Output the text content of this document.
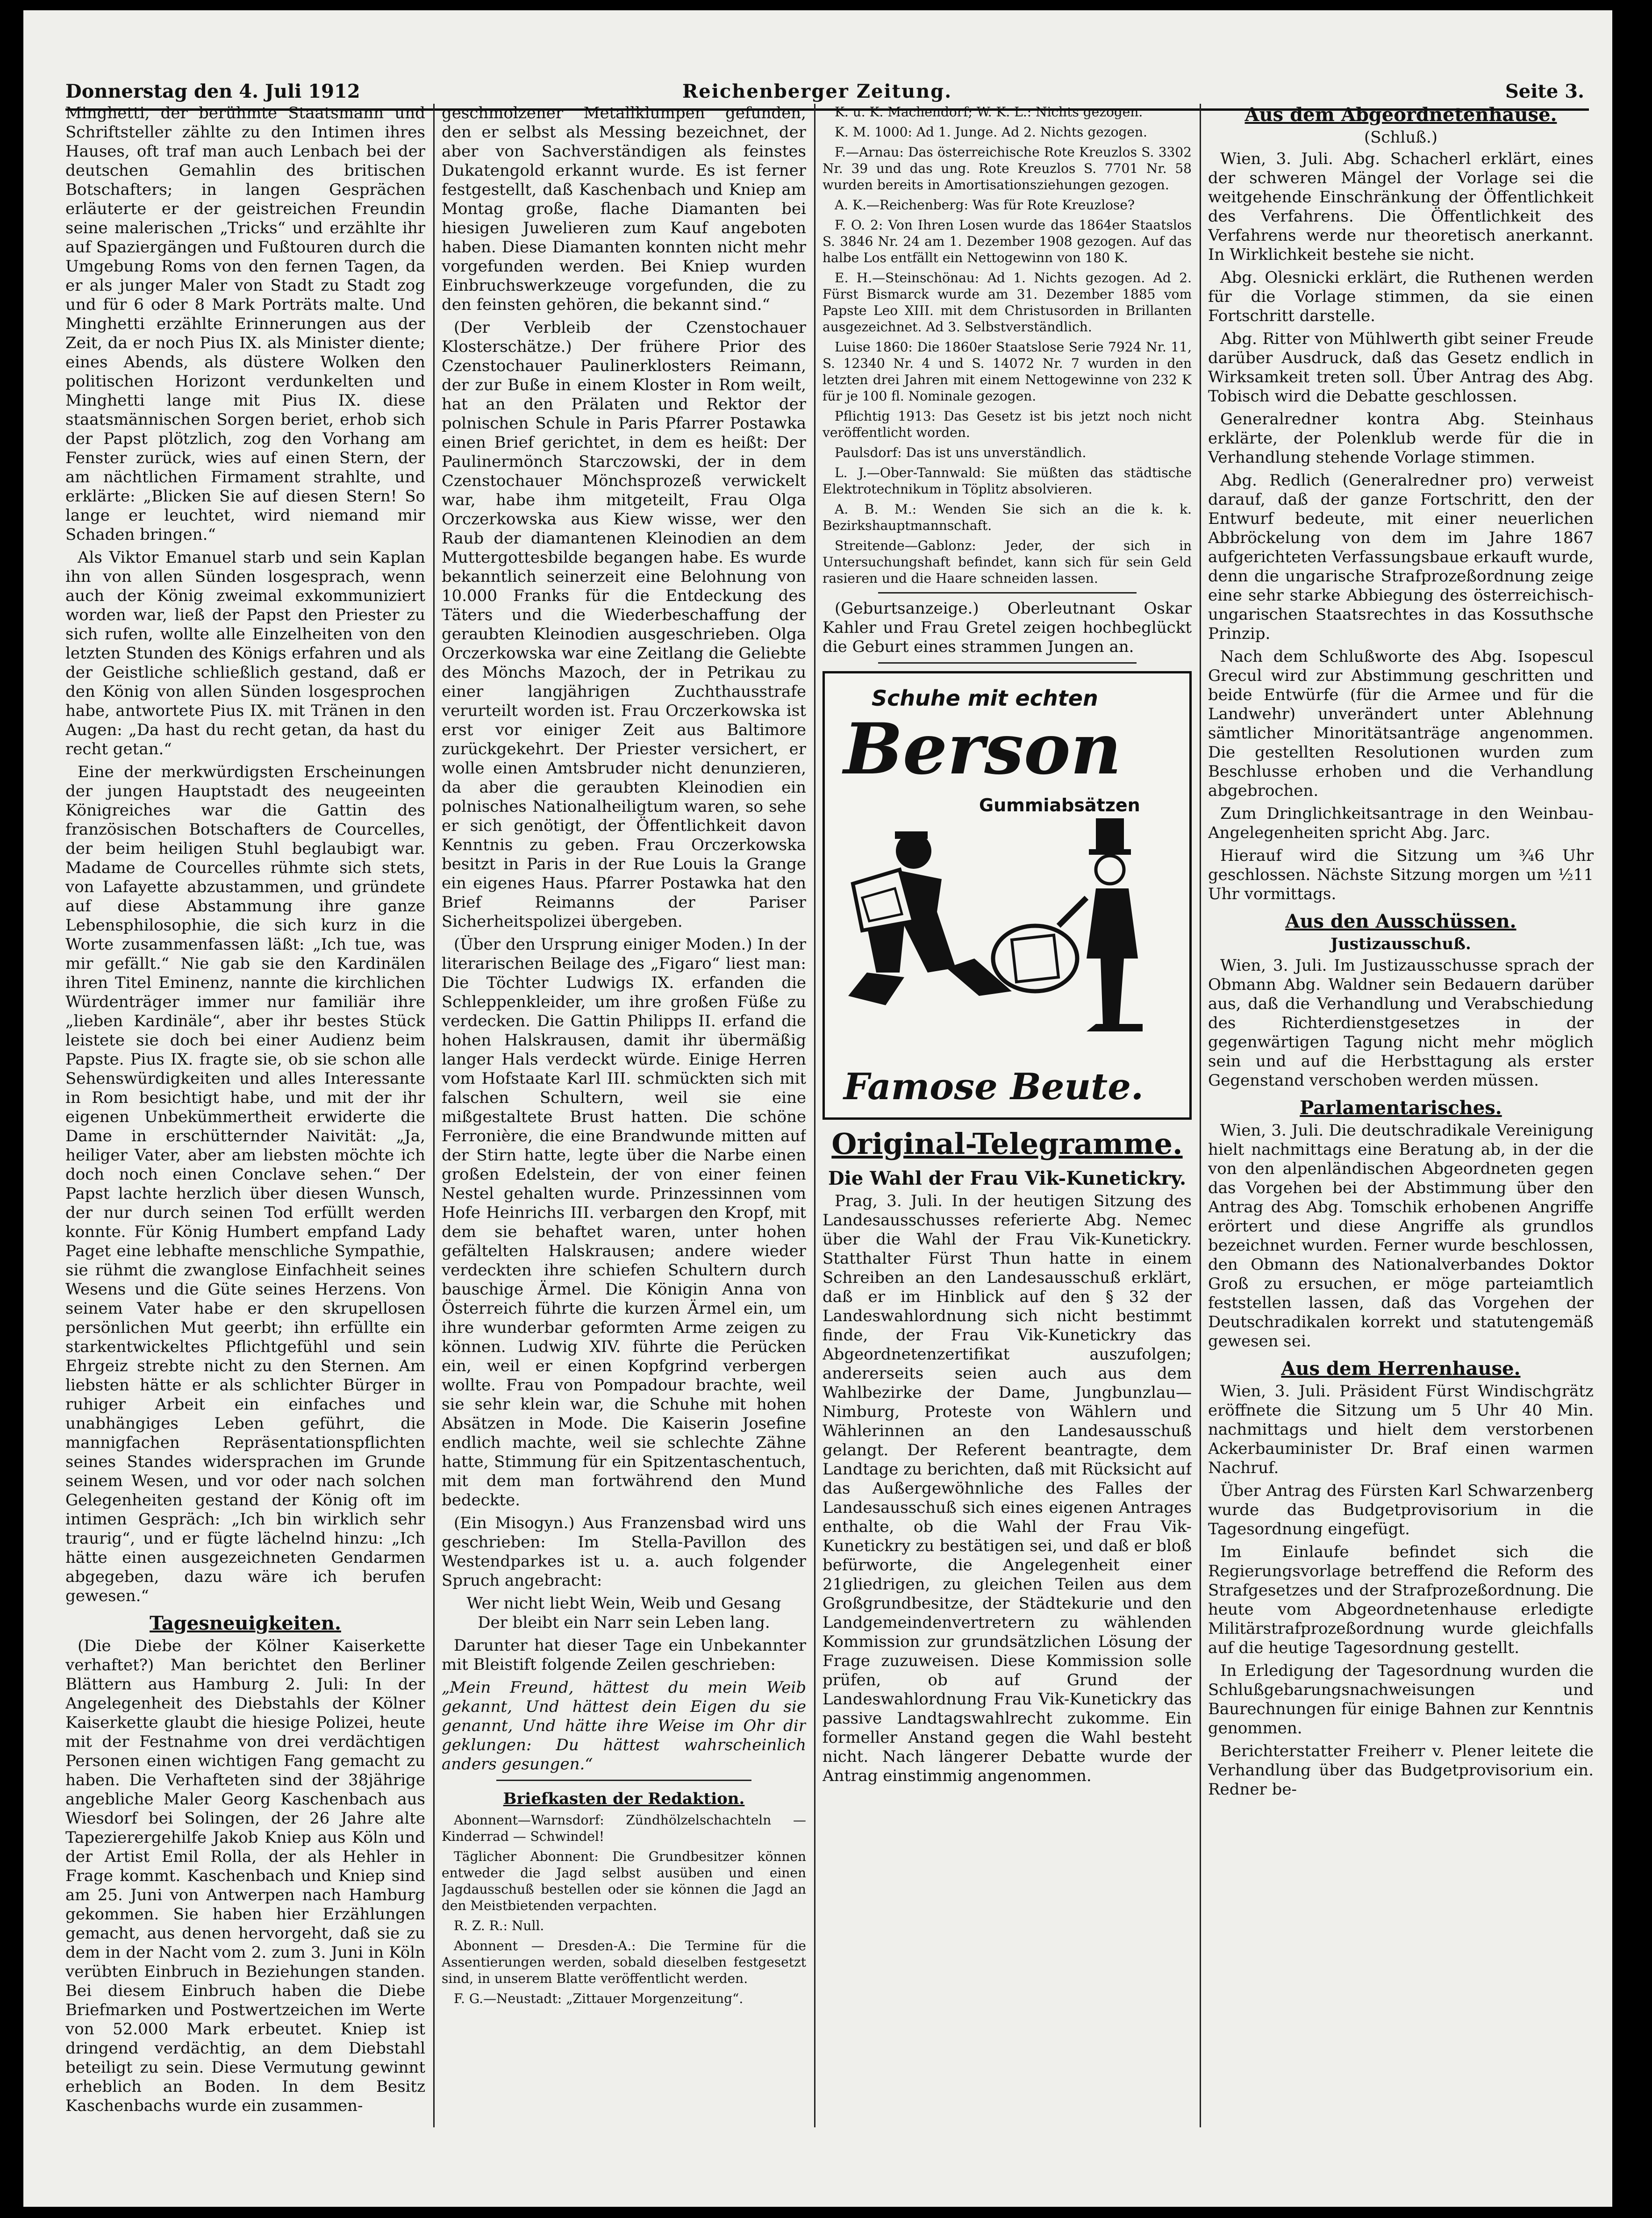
Donnerstag den 4. Juli 1912	Reichenberger Zeitung.	Seite 3.

Minghetti, der berühmte Staatsmann und Schriftsteller zählte zu den Intimen ihres Hauses, oft traf man auch Lenbach bei der deutschen Gemahlin des britischen Botschafters; in langen Gesprächen erläuterte er der geistreichen Freundin seine malerischen „Tricks“ und erzählte ihr auf Spaziergängen und Fußtouren durch die Umgebung Roms von den fernen Tagen, da er als junger Maler von Stadt zu Stadt zog und für 6 oder 8 Mark Porträts malte. Und Minghetti erzählte Erinnerungen aus der Zeit, da er noch Pius IX. als Minister diente; eines Abends, als düstere Wolken den politischen Horizont verdunkelten und Minghetti lange mit Pius IX. diese staatsmännischen Sorgen beriet, erhob sich der Papst plötzlich, zog den Vorhang am Fenster zurück, wies auf einen Stern, der am nächtlichen Firmament strahlte, und erklärte: „Blicken Sie auf diesen Stern! So lange er leuchtet, wird niemand mir Schaden bringen.“

Als Viktor Emanuel starb und sein Kaplan ihn von allen Sünden losgesprach, wenn auch der König zweimal exkommuniziert worden war, ließ der Papst den Priester zu sich rufen, wollte alle Einzelheiten von den letzten Stunden des Königs erfahren und als der Geistliche schließlich gestand, daß er den König von allen Sünden losgesprochen habe, antwortete Pius IX. mit Tränen in den Augen: „Da hast du recht getan, da hast du recht getan.“

Eine der merkwürdigsten Erscheinungen der jungen Hauptstadt des neugeeinten Königreiches war die Gattin des französischen Botschafters de Courcelles, der beim heiligen Stuhl beglaubigt war. Madame de Courcelles rühmte sich stets, von Lafayette abzustammen, und gründete auf diese Abstammung ihre ganze Lebensphilosophie, die sich kurz in die Worte zusammenfassen läßt: „Ich tue, was mir gefällt.“ Nie gab sie den Kardinälen ihren Titel Eminenz, nannte die kirchlichen Würdenträger immer nur familiär ihre „lieben Kardinäle“, aber ihr bestes Stück leistete sie doch bei einer Audienz beim Papste. Pius IX. fragte sie, ob sie schon alle Sehenswürdigkeiten und alles Interessante in Rom besichtigt habe, und mit der ihr eigenen Unbekümmertheit erwiderte die Dame in erschütternder Naivität: „Ja, heiliger Vater, aber am liebsten möchte ich doch noch einen Conclave sehen.“ Der Papst lachte herzlich über diesen Wunsch, der nur durch seinen Tod erfüllt werden konnte. Für König Humbert empfand Lady Paget eine lebhafte menschliche Sympathie, sie rühmt die zwanglose Einfachheit seines Wesens und die Güte seines Herzens. Von seinem Vater habe er den skrupellosen persönlichen Mut geerbt; ihn erfüllte ein starkentwickeltes Pflichtgefühl und sein Ehrgeiz strebte nicht zu den Sternen. Am liebsten hätte er als schlichter Bürger in ruhiger Arbeit ein einfaches und unabhängiges Leben geführt, die mannigfachen Repräsentationspflichten seines Standes widersprachen im Grunde seinem Wesen, und vor oder nach solchen Gelegenheiten gestand der König oft im intimen Gespräch: „Ich bin wirklich sehr traurig“, und er fügte lächelnd hinzu: „Ich hätte einen ausgezeichneten Gendarmen abgegeben, dazu wäre ich berufen gewesen.“

Tagesneuigkeiten.

(Die Diebe der Kölner Kaiserkette verhaftet?) Man berichtet den Berliner Blättern aus Hamburg 2. Juli: In der Angelegenheit des Diebstahls der Kölner Kaiserkette glaubt die hiesige Polizei, heute mit der Festnahme von drei verdächtigen Personen einen wichtigen Fang gemacht zu haben. Die Verhafteten sind der 38jährige angebliche Maler Georg Kaschenbach aus Wiesdorf bei Solingen, der 26 Jahre alte Tapezierergehilfe Jakob Kniep aus Köln und der Artist Emil Rolla, der als Hehler in Frage kommt. Kaschenbach und Kniep sind am 25. Juni von Antwerpen nach Hamburg gekommen. Sie haben hier Erzählungen gemacht, aus denen hervorgeht, daß sie zu dem in der Nacht vom 2. zum 3. Juni in Köln verübten Einbruch in Beziehungen standen. Bei diesem Einbruch haben die Diebe Briefmarken und Postwertzeichen im Werte von 52.000 Mark erbeutet. Kniep ist dringend verdächtig, an dem Diebstahl beteiligt zu sein. Diese Vermutung gewinnt erheblich an Boden. In dem Besitz Kaschenbachs wurde ein zusammen-

geschmolzener Metallklumpen gefunden, den er selbst als Messing bezeichnet, der aber von Sachverständigen als feinstes Dukatengold erkannt wurde. Es ist ferner festgestellt, daß Kaschenbach und Kniep am Montag große, flache Diamanten bei hiesigen Juwelieren zum Kauf angeboten haben. Diese Diamanten konnten nicht mehr vorgefunden werden. Bei Kniep wurden Einbruchswerkzeuge vorgefunden, die zu den feinsten gehören, die bekannt sind.“

(Der Verbleib der Czenstochauer Klosterschätze.) Der frühere Prior des Czenstochauer Paulinerklosters Reimann, der zur Buße in einem Kloster in Rom weilt, hat an den Prälaten und Rektor der polnischen Schule in Paris Pfarrer Postawka einen Brief gerichtet, in dem es heißt: Der Paulinermönch Starczowski, der in dem Czenstochauer Mönchsprozeß verwickelt war, habe ihm mitgeteilt, Frau Olga Orczerkowska aus Kiew wisse, wer den Raub der diamantenen Kleinodien an dem Muttergottesbilde begangen habe. Es wurde bekanntlich seinerzeit eine Belohnung von 10.000 Franks für die Entdeckung des Täters und die Wiederbeschaffung der geraubten Kleinodien ausgeschrieben. Olga Orczerkowska war eine Zeitlang die Geliebte des Mönchs Mazoch, der in Petrikau zu einer langjährigen Zuchthausstrafe verurteilt worden ist. Frau Orczerkowska ist erst vor einiger Zeit aus Baltimore zurückgekehrt. Der Priester versichert, er wolle einen Amtsbruder nicht denunzieren, da aber die geraubten Kleinodien ein polnisches Nationalheiligtum waren, so sehe er sich genötigt, der Öffentlichkeit davon Kenntnis zu geben. Frau Orczerkowska besitzt in Paris in der Rue Louis la Grange ein eigenes Haus. Pfarrer Postawka hat den Brief Reimanns der Pariser Sicherheitspolizei übergeben.

(Über den Ursprung einiger Moden.) In der literarischen Beilage des „Figaro“ liest man: Die Töchter Ludwigs IX. erfanden die Schleppenkleider, um ihre großen Füße zu verdecken. Die Gattin Philipps II. erfand die hohen Halskrausen, damit ihr übermäßig langer Hals verdeckt würde. Einige Herren vom Hofstaate Karl III. schmückten sich mit falschen Schultern, weil sie eine mißgestaltete Brust hatten. Die schöne Ferronière, die eine Brandwunde mitten auf der Stirn hatte, legte über die Narbe einen großen Edelstein, der von einer feinen Nestel gehalten wurde. Prinzessinnen vom Hofe Heinrichs III. verbargen den Kropf, mit dem sie behaftet waren, unter hohen gefältelten Halskrausen; andere wieder verdeckten ihre schiefen Schultern durch bauschige Ärmel. Die Königin Anna von Österreich führte die kurzen Ärmel ein, um ihre wunderbar geformten Arme zeigen zu können. Ludwig XIV. führte die Perücken ein, weil er einen Kopfgrind verbergen wollte. Frau von Pompadour brachte, weil sie sehr klein war, die Schuhe mit hohen Absätzen in Mode. Die Kaiserin Josefine endlich machte, weil sie schlechte Zähne hatte, Stimmung für ein Spitzentaschentuch, mit dem man fortwährend den Mund bedeckte.

(Ein Misogyn.) Aus Franzensbad wird uns geschrieben: Im Stella-Pavillon des Westendparkes ist u. a. auch folgender Spruch angebracht:

Wer nicht liebt Wein, Weib und Gesang

Der bleibt ein Narr sein Leben lang.

Darunter hat dieser Tage ein Unbekannter mit Bleistift folgende Zeilen geschrieben:

„Mein Freund, hättest du mein Weib gekannt, Und hättest dein Eigen du sie genannt, Und hätte ihre Weise im Ohr dir geklungen: Du hättest wahrscheinlich anders gesungen.“

Briefkasten der Redaktion.

Abonnent—Warnsdorf: Zündhölzelschachteln — Kinderrad — Schwindel!

Täglicher Abonnent: Die Grundbesitzer können entweder die Jagd selbst ausüben und einen Jagdausschuß bestellen oder sie können die Jagd an den Meistbietenden verpachten.

R. Z. R.: Null.

Abonnent — Dresden-A.: Die Termine für die Assentierungen werden, sobald dieselben festgesetzt sind, in unserem Blatte veröffentlicht werden.

F. G.—Neustadt: „Zittauer Morgenzeitung“.

K. u. K. Machendorf; W. K. L.: Nichts gezogen.

K. M. 1000: Ad 1. Junge. Ad 2. Nichts gezogen.

F.—Arnau: Das österreichische Rote Kreuzlos S. 3302 Nr. 39 und das ung. Rote Kreuzlos S. 7701 Nr. 58 wurden bereits in Amortisationsziehungen gezogen.

A. K.—Reichenberg: Was für Rote Kreuzlose?

F. O. 2: Von Ihren Losen wurde das 1864er Staatslos S. 3846 Nr. 24 am 1. Dezember 1908 gezogen. Auf das halbe Los entfällt ein Nettogewinn von 180 K.

E. H.—Steinschönau: Ad 1. Nichts gezogen. Ad 2. Fürst Bismarck wurde am 31. Dezember 1885 vom Papste Leo XIII. mit dem Christusorden in Brillanten ausgezeichnet. Ad 3. Selbstverständlich.

Luise 1860: Die 1860er Staatslose Serie 7924 Nr. 11, S. 12340 Nr. 4 und S. 14072 Nr. 7 wurden in den letzten drei Jahren mit einem Nettogewinne von 232 K für je 100 fl. Nominale gezogen.

Pflichtig 1913: Das Gesetz ist bis jetzt noch nicht veröffentlicht worden.

Paulsdorf: Das ist uns unverständlich.

L. J.—Ober-Tannwald: Sie müßten das städtische Elektrotechnikum in Töplitz absolvieren.

A. B. M.: Wenden Sie sich an die k. k. Bezirkshauptmannschaft.

Streitende—Gablonz: Jeder, der sich in Untersuchungshaft befindet, kann sich für sein Geld rasieren und die Haare schneiden lassen.

(Geburtsanzeige.) Oberleutnant Oskar Kahler und Frau Gretel zeigen hochbeglückt die Geburt eines strammen Jungen an.

Schuhe mit echten
Berson
Gummiabsätzen
Famose Beute.
Original-Telegramme.
Die Wahl der Frau Vik-Kunetickry.

Prag, 3. Juli. In der heutigen Sitzung des Landesausschusses referierte Abg. Nemec über die Wahl der Frau Vik-Kunetickry. Statthalter Fürst Thun hatte in einem Schreiben an den Landesausschuß erklärt, daß er im Hinblick auf den § 32 der Landeswahlordnung sich nicht bestimmt finde, der Frau Vik-Kunetickry das Abgeordnetenzertifikat auszufolgen; andererseits seien auch aus dem Wahlbezirke der Dame, Jungbunzlau—Nimburg, Proteste von Wählern und Wählerinnen an den Landesausschuß gelangt. Der Referent beantragte, dem Landtage zu berichten, daß mit Rücksicht auf das Außergewöhnliche des Falles der Landesausschuß sich eines eigenen Antrages enthalte, ob die Wahl der Frau Vik-Kunetickry zu bestätigen sei, und daß er bloß befürworte, die Angelegenheit einer 21gliedrigen, zu gleichen Teilen aus dem Großgrundbesitze, der Städtekurie und den Landgemeindenvertretern zu wählenden Kommission zur grundsätzlichen Lösung der Frage zuzuweisen. Diese Kommission solle prüfen, ob auf Grund der Landeswahlordnung Frau Vik-Kunetickry das passive Landtagswahlrecht zukomme. Ein formeller Anstand gegen die Wahl besteht nicht. Nach längerer Debatte wurde der Antrag einstimmig angenommen.

Aus dem Abgeordnetenhause.
(Schluß.)

Wien, 3. Juli. Abg. Schacherl erklärt, eines der schweren Mängel der Vorlage sei die weitgehende Einschränkung der Öffentlichkeit des Verfahrens. Die Öffentlichkeit des Verfahrens werde nur theoretisch anerkannt. In Wirklichkeit bestehe sie nicht.

Abg. Olesnicki erklärt, die Ruthenen werden für die Vorlage stimmen, da sie einen Fortschritt darstelle.

Abg. Ritter von Mühlwerth gibt seiner Freude darüber Ausdruck, daß das Gesetz endlich in Wirksamkeit treten soll. Über Antrag des Abg. Tobisch wird die Debatte geschlossen.

Generalredner kontra Abg. Steinhaus erklärte, der Polenklub werde für die in Verhandlung stehende Vorlage stimmen.

Abg. Redlich (Generalredner pro) verweist darauf, daß der ganze Fortschritt, den der Entwurf bedeute, mit einer neuerlichen Abbröckelung von dem im Jahre 1867 aufgerichteten Verfassungsbaue erkauft wurde, denn die ungarische Strafprozeßordnung zeige eine sehr starke Abbiegung des österreichisch-ungarischen Staatsrechtes in das Kossuthsche Prinzip.

Nach dem Schlußworte des Abg. Isopescul Grecul wird zur Abstimmung geschritten und beide Entwürfe (für die Armee und für die Landwehr) unverändert unter Ablehnung sämtlicher Minoritätsanträge angenommen. Die gestellten Resolutionen wurden zum Beschlusse erhoben und die Verhandlung abgebrochen.

Zum Dringlichkeitsantrage in den Weinbau-Angelegenheiten spricht Abg. Jarc.

Hierauf wird die Sitzung um ¾6 Uhr geschlossen. Nächste Sitzung morgen um ½11 Uhr vormittags.

Aus den Ausschüssen.
Justizausschuß.

Wien, 3. Juli. Im Justizausschusse sprach der Obmann Abg. Waldner sein Bedauern darüber aus, daß die Verhandlung und Verabschiedung des Richterdienstgesetzes in der gegenwärtigen Tagung nicht mehr möglich sein und auf die Herbsttagung als erster Gegenstand verschoben werden müssen.

Parlamentarisches.

Wien, 3. Juli. Die deutschradikale Vereinigung hielt nachmittags eine Beratung ab, in der die von den alpenländischen Abgeordneten gegen das Vorgehen bei der Abstimmung über den Antrag des Abg. Tomschik erhobenen Angriffe erörtert und diese Angriffe als grundlos bezeichnet wurden. Ferner wurde beschlossen, den Obmann des Nationalverbandes Doktor Groß zu ersuchen, er möge parteiamtlich feststellen lassen, daß das Vorgehen der Deutschradikalen korrekt und statutengemäß gewesen sei.

Aus dem Herrenhause.

Wien, 3. Juli. Präsident Fürst Windischgrätz eröffnete die Sitzung um 5 Uhr 40 Min. nachmittags und hielt dem verstorbenen Ackerbauminister Dr. Braf einen warmen Nachruf.

Über Antrag des Fürsten Karl Schwarzenberg wurde das Budgetprovisorium in die Tagesordnung eingefügt.

Im Einlaufe befindet sich die Regierungsvorlage betreffend die Reform des Strafgesetzes und der Strafprozeßordnung. Die heute vom Abgeordnetenhause erledigte Militärstrafprozeßordnung wurde gleichfalls auf die heutige Tagesordnung gestellt.

In Erledigung der Tagesordnung wurden die Schlußgebarungsnachweisungen und Baurechnungen für einige Bahnen zur Kenntnis genommen.

Berichterstatter Freiherr v. Plener leitete die Verhandlung über das Budgetprovisorium ein. Redner be-
